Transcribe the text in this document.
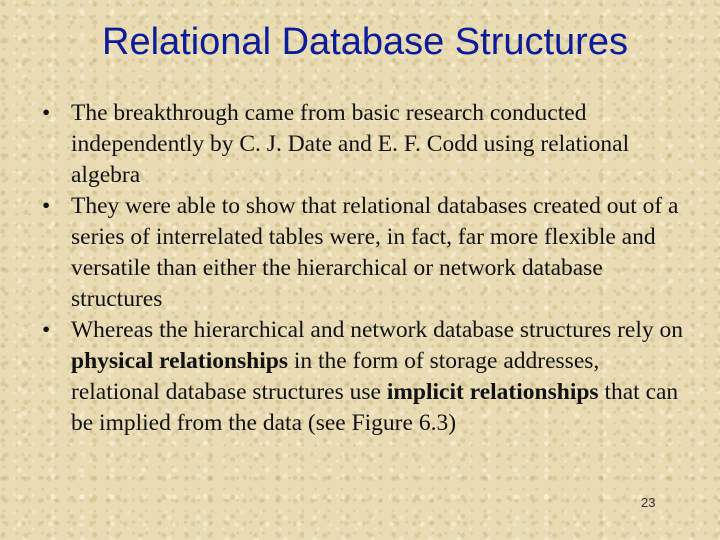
Relational Database Structures
•
The breakthrough came from basic research conducted independently by C. J. Date and E. F. Codd using relational algebra
•
They were able to show that relational databases created out of a series of interrelated tables were, in fact, far more flexible and versatile than either the hierarchical or network database structures
•
Whereas the hierarchical and network database structures rely on physical relationships in the form of storage addresses, relational database structures use implicit relationships that can be implied from the data (see Figure 6.3)
23
